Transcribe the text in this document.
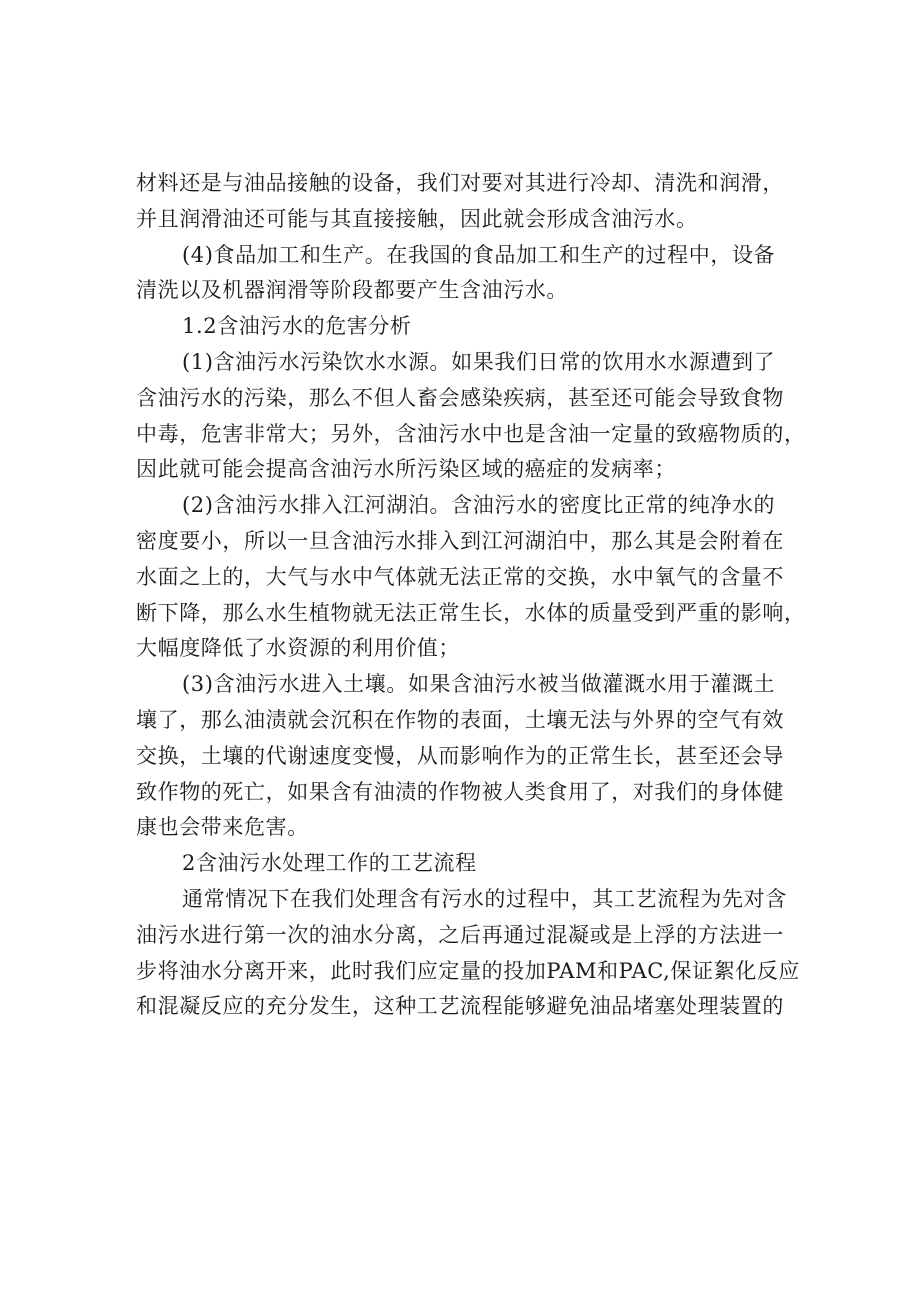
材料还是与油品接触的设备，我们对要对其进行冷却、清洗和润滑，
并且润滑油还可能与其直接接触，因此就会形成含油污水。
(4)食品加工和生产。在我国的食品加工和生产的过程中，设备
清洗以及机器润滑等阶段都要产生含油污水。
1.2含油污水的危害分析
(1)含油污水污染饮水水源。如果我们日常的饮用水水源遭到了
含油污水的污染，那么不但人畜会感染疾病，甚至还可能会导致食物
中毒，危害非常大；另外，含油污水中也是含油一定量的致癌物质的，
因此就可能会提高含油污水所污染区域的癌症的发病率；
(2)含油污水排入江河湖泊。含油污水的密度比正常的纯净水的
密度要小，所以一旦含油污水排入到江河湖泊中，那么其是会附着在
水面之上的，大气与水中气体就无法正常的交换，水中氧气的含量不
断下降，那么水生植物就无法正常生长，水体的质量受到严重的影响，
大幅度降低了水资源的利用价值；
(3)含油污水进入土壤。如果含油污水被当做灌溉水用于灌溉土
壤了，那么油渍就会沉积在作物的表面，土壤无法与外界的空气有效
交换，土壤的代谢速度变慢，从而影响作为的正常生长，甚至还会导
致作物的死亡，如果含有油渍的作物被人类食用了，对我们的身体健
康也会带来危害。
2含油污水处理工作的工艺流程
通常情况下在我们处理含有污水的过程中，其工艺流程为先对含
油污水进行第一次的油水分离，之后再通过混凝或是上浮的方法进一
步将油水分离开来，此时我们应定量的投加PAM和PAC,保证絮化反应
和混凝反应的充分发生，这种工艺流程能够避免油品堵塞处理装置的
